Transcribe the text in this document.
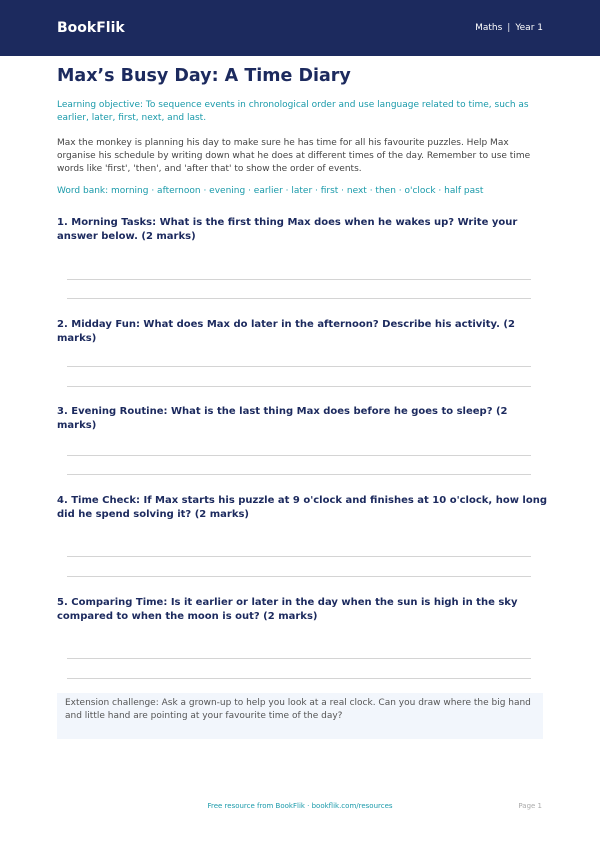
BookFlik	Maths | Year 1
Max’s Busy Day: A Time Diary
Learning objective: To sequence events in chronological order and use language related to time, such as earlier, later, first, next, and last.
Max the monkey is planning his day to make sure he has time for all his favourite puzzles. Help Max organise his schedule by writing down what he does at different times of the day. Remember to use time words like 'first', 'then', and 'after that' to show the order of events.
Word bank: morning · afternoon · evening · earlier · later · first · next · then · o'clock · half past
1. Morning Tasks: What is the first thing Max does when he wakes up? Write your answer below. (2 marks)
2. Midday Fun: What does Max do later in the afternoon? Describe his activity. (2 marks)
3. Evening Routine: What is the last thing Max does before he goes to sleep? (2 marks)
4. Time Check: If Max starts his puzzle at 9 o'clock and finishes at 10 o'clock, how long did he spend solving it? (2 marks)
5. Comparing Time: Is it earlier or later in the day when the sun is high in the sky compared to when the moon is out? (2 marks)
Extension challenge: Ask a grown-up to help you look at a real clock. Can you draw where the big hand and little hand are pointing at your favourite time of the day?
Free resource from BookFlik · bookflik.com/resources	Page 1
